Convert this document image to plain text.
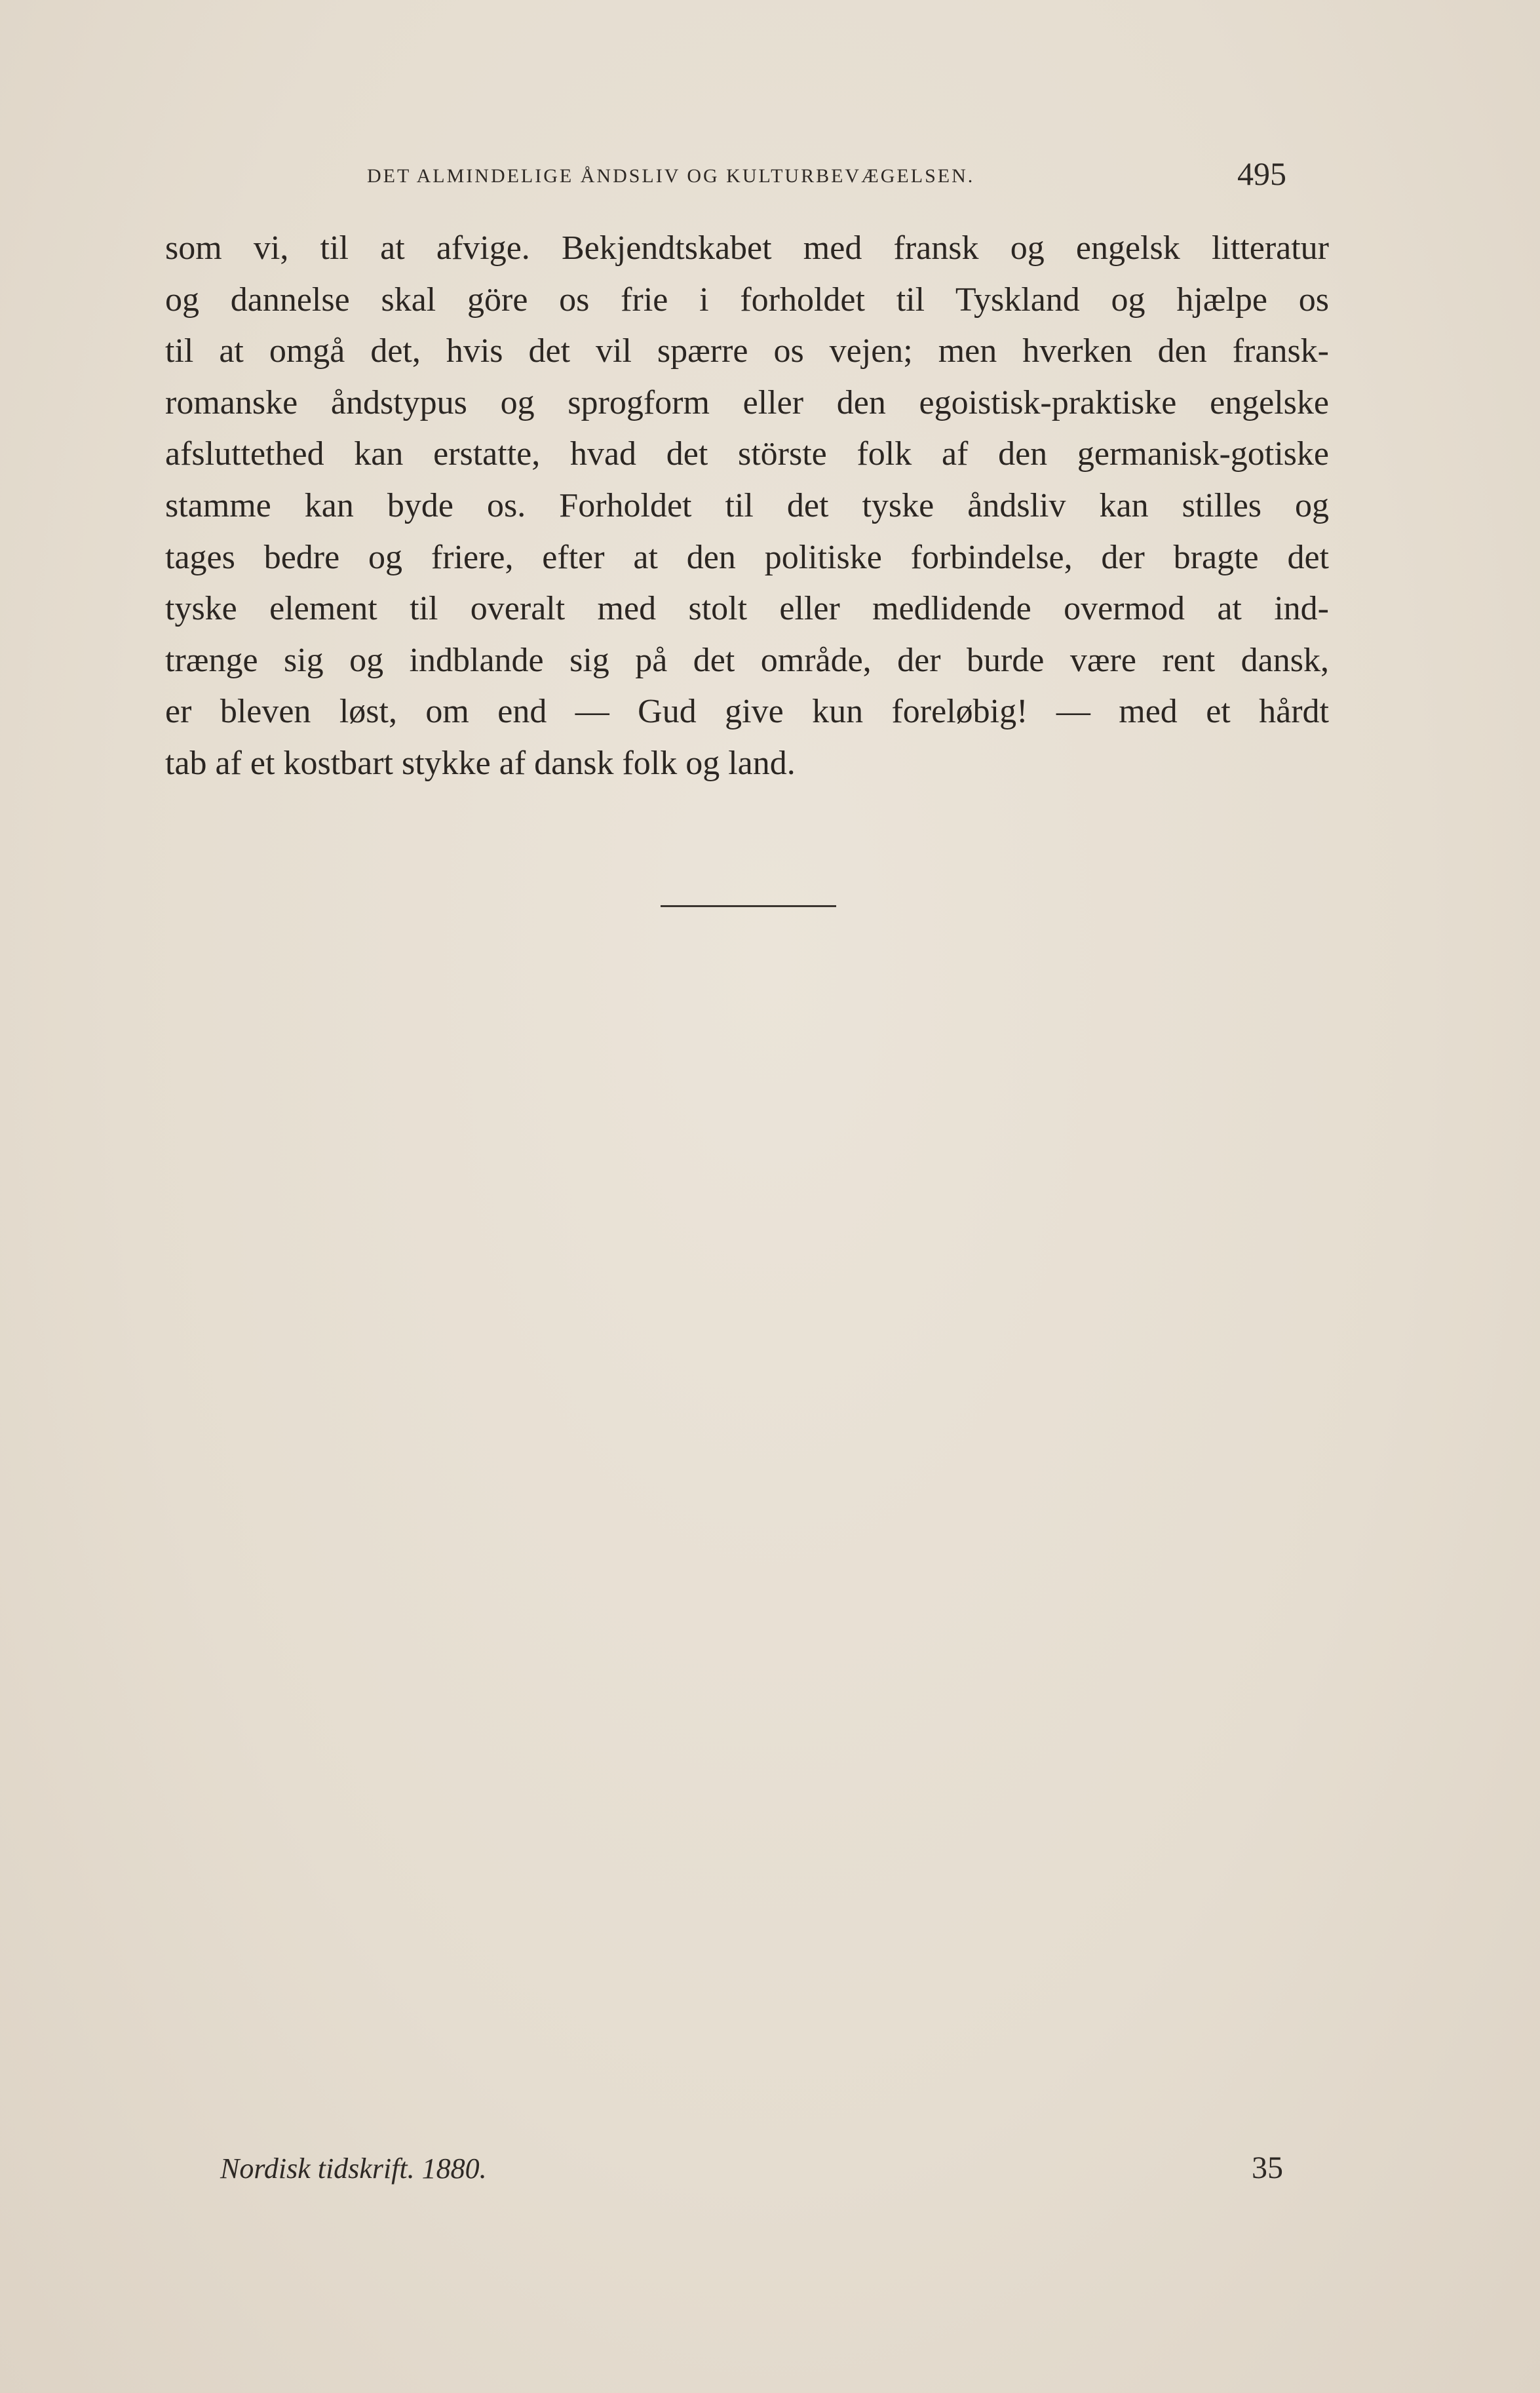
DET ALMINDELIGE ÅNDSLIV OG KULTURBEVÆGELSEN.	495
som vi, til at afvige. Bekjendtskabet med fransk og engelsk litteratur
og dannelse skal göre os frie i forholdet til Tyskland og hjælpe os
til at omgå det, hvis det vil spærre os vejen; men hverken den fransk-
romanske åndstypus og sprogform eller den egoistisk-praktiske engelske
afsluttethed kan erstatte, hvad det störste folk af den germanisk-gotiske
stamme kan byde os. Forholdet til det tyske åndsliv kan stilles og
tages bedre og friere, efter at den politiske forbindelse, der bragte det
tyske element til overalt med stolt eller medlidende overmod at ind-
trænge sig og indblande sig på det område, der burde være rent dansk,
er bleven løst, om end — Gud give kun foreløbig! — med et hårdt
tab af et kostbart stykke af dansk folk og land.
Nordisk tidskrift. 1880.	35
